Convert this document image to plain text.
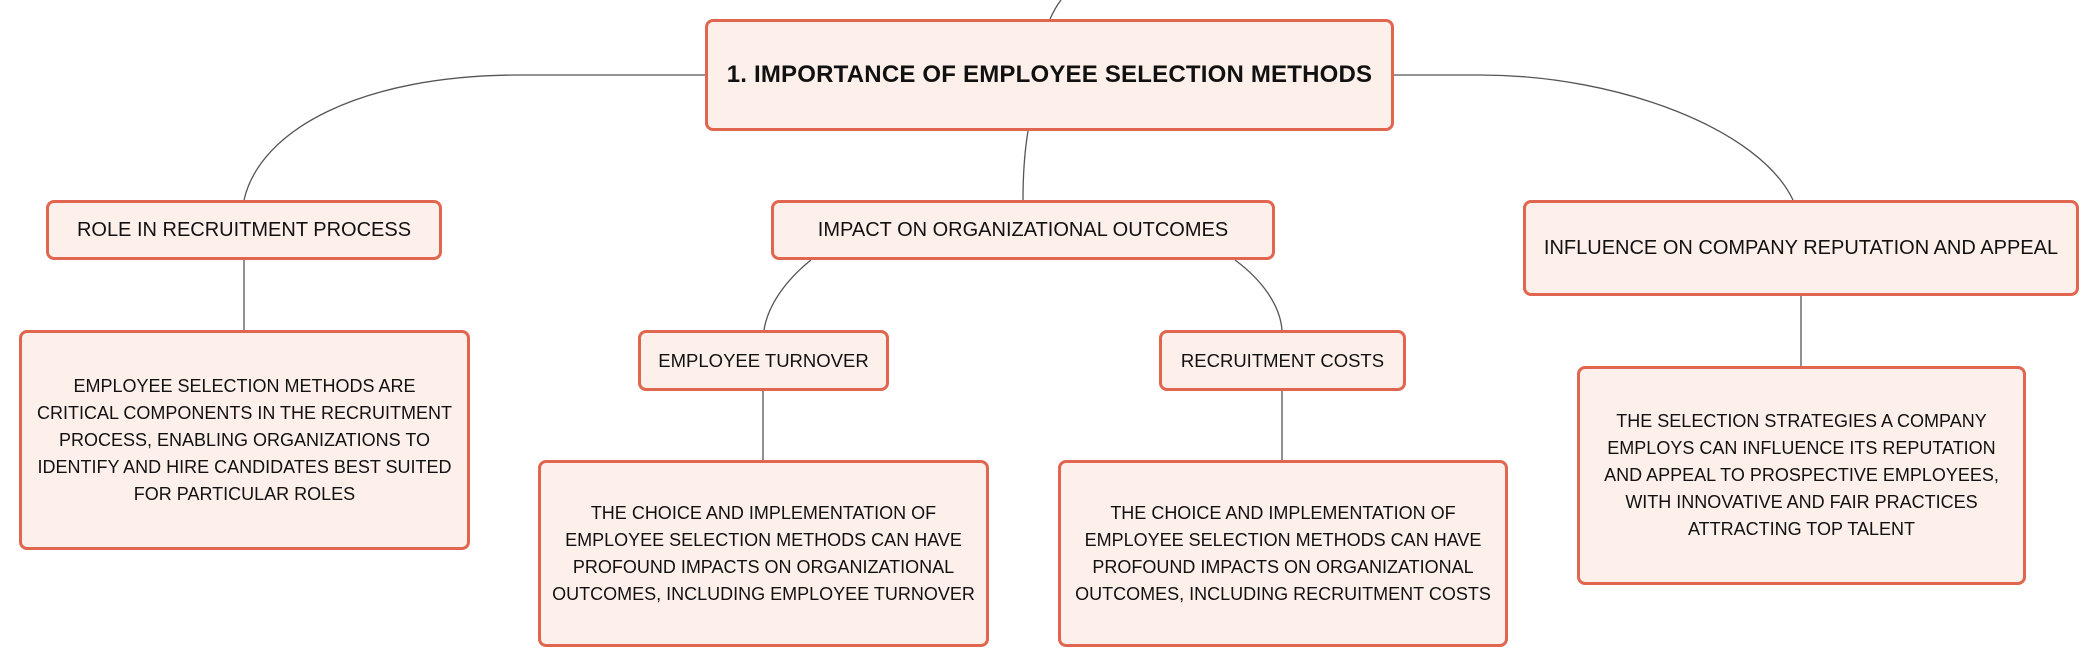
1. IMPORTANCE OF EMPLOYEE SELECTION METHODS
ROLE IN RECRUITMENT PROCESS	IMPACT ON ORGANIZATIONAL OUTCOMES
INFLUENCE ON COMPANY REPUTATION AND APPEAL
EMPLOYEE TURNOVER	RECRUITMENT COSTS
EMPLOYEE SELECTION METHODS ARE CRITICAL COMPONENTS IN THE RECRUITMENT PROCESS, ENABLING ORGANIZATIONS TO IDENTIFY AND HIRE CANDIDATES BEST SUITED FOR PARTICULAR ROLES
THE CHOICE AND IMPLEMENTATION OF EMPLOYEE SELECTION METHODS CAN HAVE PROFOUND IMPACTS ON ORGANIZATIONAL OUTCOMES, INCLUDING EMPLOYEE TURNOVER
THE CHOICE AND IMPLEMENTATION OF EMPLOYEE SELECTION METHODS CAN HAVE PROFOUND IMPACTS ON ORGANIZATIONAL OUTCOMES, INCLUDING RECRUITMENT COSTS
THE SELECTION STRATEGIES A COMPANY EMPLOYS CAN INFLUENCE ITS REPUTATION AND APPEAL TO PROSPECTIVE EMPLOYEES, WITH INNOVATIVE AND FAIR PRACTICES ATTRACTING TOP TALENT
